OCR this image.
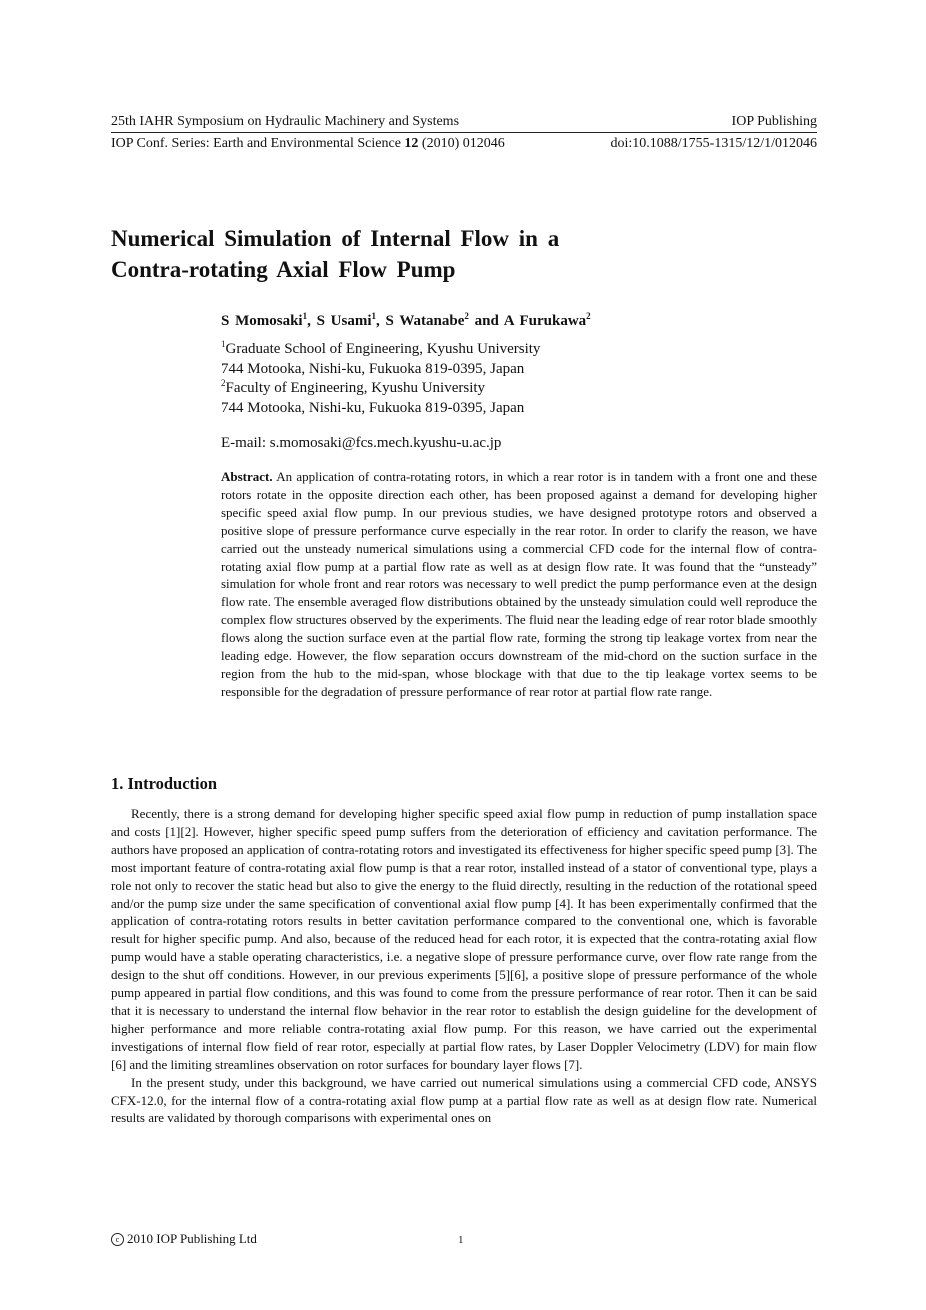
25th IAHR Symposium on Hydraulic Machinery and Systems	IOP Publishing
IOP Conf. Series: Earth and Environmental Science 12 (2010) 012046	doi:10.1088/1755-1315/12/1/012046
Numerical Simulation of Internal Flow in a
Contra-rotating Axial Flow Pump
S Momosaki$^1$, S Usami$^1$, S Watanabe$^2$ and A Furukawa$^2$
$^1$Graduate School of Engineering, Kyushu University
744 Motooka, Nishi-ku, Fukuoka 819-0395, Japan
$^2$Faculty of Engineering, Kyushu University
744 Motooka, Nishi-ku, Fukuoka 819-0395, Japan
E-mail: s.momosaki@fcs.mech.kyushu-u.ac.jp
Abstract. An application of contra-rotating rotors, in which a rear rotor is in tandem with a front one and these rotors rotate in the opposite direction each other, has been proposed against a demand for developing higher specific speed axial flow pump. In our previous studies, we have designed prototype rotors and observed a positive slope of pressure performance curve especially in the rear rotor. In order to clarify the reason, we have carried out the unsteady numerical simulations using a commercial CFD code for the internal flow of contra-rotating axial flow pump at a partial flow rate as well as at design flow rate. It was found that the “unsteady” simulation for whole front and rear rotors was necessary to well predict the pump performance even at the design flow rate. The ensemble averaged flow distributions obtained by the unsteady simulation could well reproduce the complex flow structures observed by the experiments. The fluid near the leading edge of rear rotor blade smoothly flows along the suction surface even at the partial flow rate, forming the strong tip leakage vortex from near the leading edge. However, the flow separation occurs downstream of the mid-chord on the suction surface in the region from the hub to the mid-span, whose blockage with that due to the tip leakage vortex seems to be responsible for the degradation of pressure performance of rear rotor at partial flow rate range.
1. Introduction

Recently, there is a strong demand for developing higher specific speed axial flow pump in reduction of pump installation space and costs [1][2]. However, higher specific speed pump suffers from the deterioration of efficiency and cavitation performance. The authors have proposed an application of contra-rotating rotors and investigated its effectiveness for higher specific speed pump [3]. The most important feature of contra-rotating axial flow pump is that a rear rotor, installed instead of a stator of conventional type, plays a role not only to recover the static head but also to give the energy to the fluid directly, resulting in the reduction of the rotational speed and/or the pump size under the same specification of conventional axial flow pump [4]. It has been experimentally confirmed that the application of contra-rotating rotors results in better cavitation performance compared to the conventional one, which is favorable result for higher specific pump. And also, because of the reduced head for each rotor, it is expected that the contra-rotating axial flow pump would have a stable operating characteristics, i.e. a negative slope of pressure performance curve, over flow rate range from the design to the shut off conditions. However, in our previous experiments [5][6], a positive slope of pressure performance of the whole pump appeared in partial flow conditions, and this was found to come from the pressure performance of rear rotor. Then it can be said that it is necessary to understand the internal flow behavior in the rear rotor to establish the design guideline for the development of higher performance and more reliable contra-rotating axial flow pump. For this reason, we have carried out the experimental investigations of internal flow field of rear rotor, especially at partial flow rates, by Laser Doppler Velocimetry (LDV) for main flow [6] and the limiting streamlines observation on rotor surfaces for boundary layer flows [7].

In the present study, under this background, we have carried out numerical simulations using a commercial CFD code, ANSYS CFX-12.0, for the internal flow of a contra-rotating axial flow pump at a partial flow rate as well as at design flow rate. Numerical results are validated by thorough comparisons with experimental ones on

c 2010 IOP Publishing Ltd	1
